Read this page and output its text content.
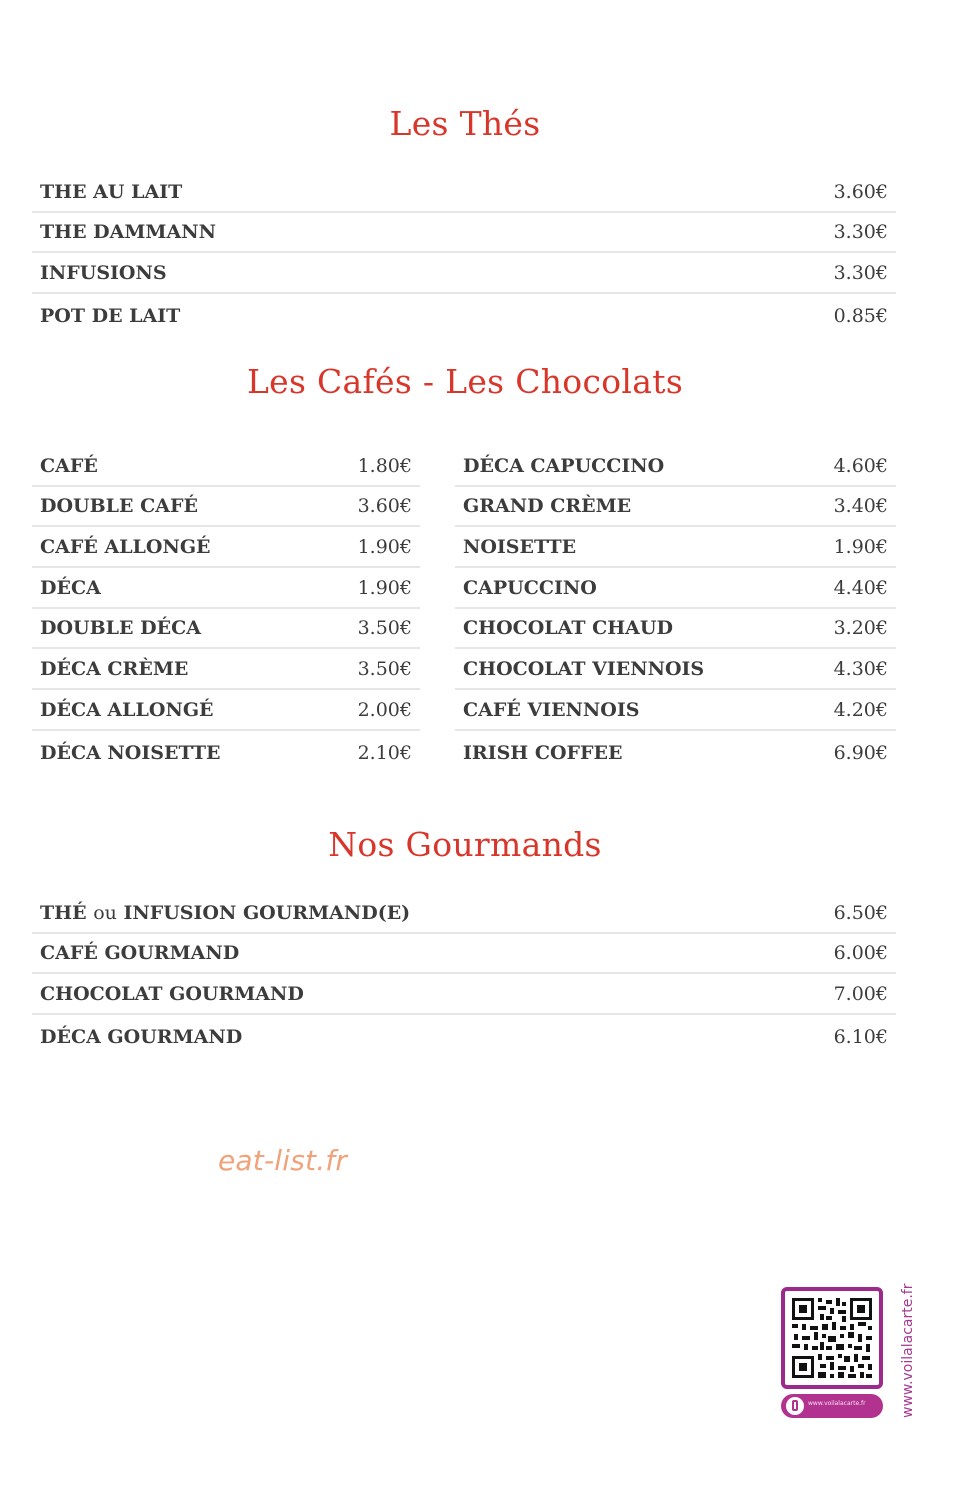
Les Thés
THE AU LAIT	3.60€
THE DAMMANN	3.30€
INFUSIONS	3.30€
POT DE LAIT	0.85€
Les Cafés - Les Chocolats
CAFÉ	1.80€
DOUBLE CAFÉ	3.60€
CAFÉ ALLONGÉ	1.90€
DÉCA	1.90€
DOUBLE DÉCA	3.50€
DÉCA CRÈME	3.50€
DÉCA ALLONGÉ	2.00€
DÉCA NOISETTE	2.10€
DÉCA CAPUCCINO	4.60€
GRAND CRÈME	3.40€
NOISETTE	1.90€
CAPUCCINO	4.40€
CHOCOLAT CHAUD	3.20€
CHOCOLAT VIENNOIS	4.30€
CAFÉ VIENNOIS	4.20€
IRISH COFFEE	6.90€
Nos Gourmands
THÉ ou INFUSION GOURMAND(E)	6.50€
CAFÉ GOURMAND	6.00€
CHOCOLAT GOURMAND	7.00€
DÉCA GOURMAND	6.10€
eat-list.fr
www.voilalacarte.fr www.voilalacarte.fr
